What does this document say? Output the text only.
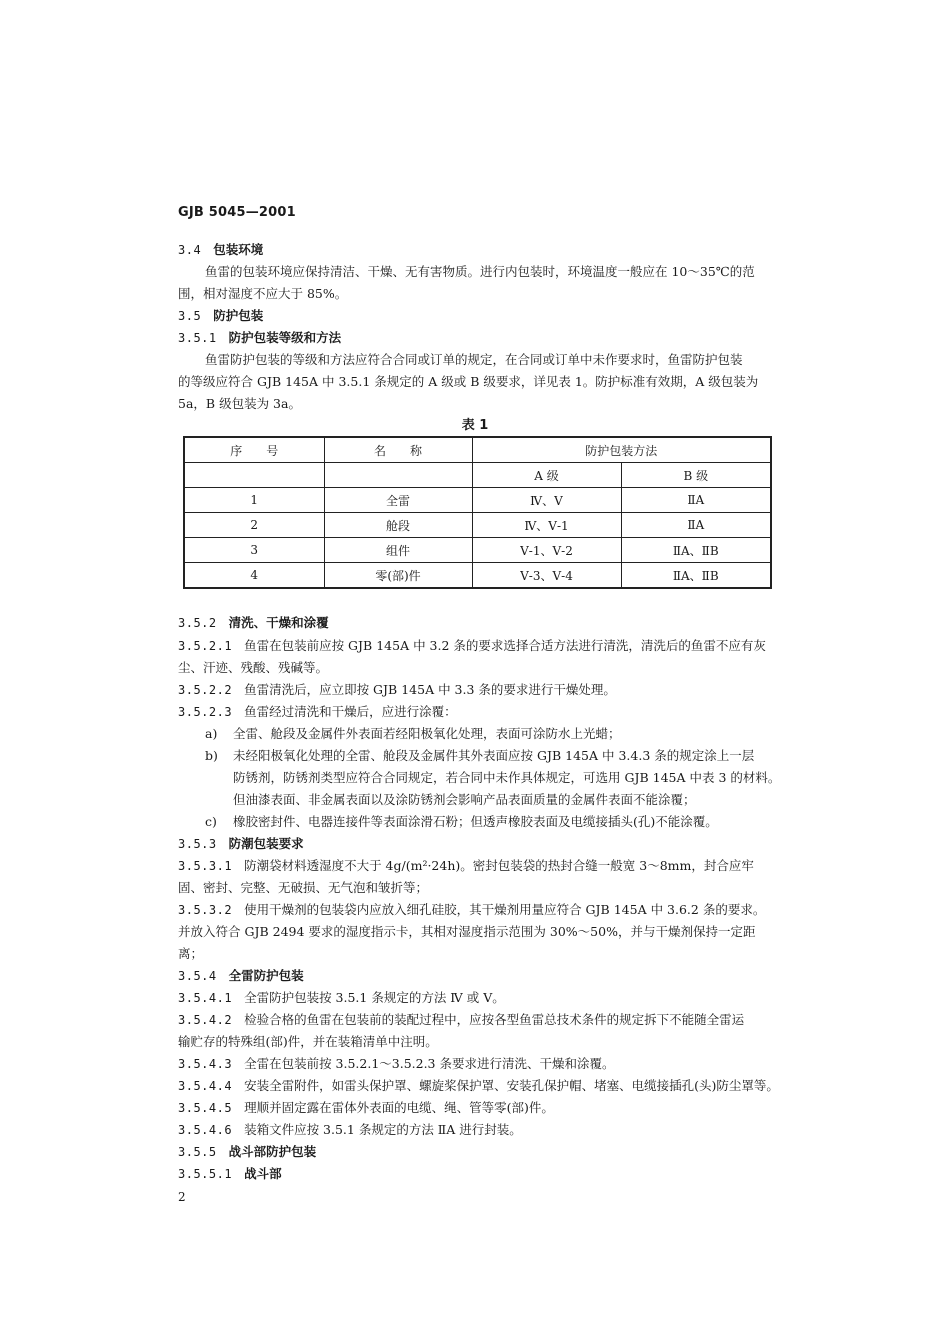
GJB 5045—2001
3.4 包装环境
鱼雷的包装环境应保持清洁、干燥、无有害物质。进行内包装时，环境温度一般应在 10～35℃的范
围，相对湿度不应大于 85%。
3.5 防护包装
3.5.1 防护包装等级和方法
鱼雷防护包装的等级和方法应符合合同或订单的规定，在合同或订单中未作要求时，鱼雷防护包装
的等级应符合 GJB 145A 中 3.5.1 条规定的 A 级或 B 级要求，详见表 1。防护标准有效期，A 级包装为
5a，B 级包装为 3a。
表 1
序　　号	名　　称	防护包装方法	
		A 级	B 级
1	全雷	Ⅳ、Ⅴ	ⅡA
2	舱段	Ⅳ、Ⅴ-1	ⅡA
3	组件	Ⅴ-1、Ⅴ-2	ⅡA、ⅡB
4	零(部)件	Ⅴ-3、Ⅴ-4	ⅡA、ⅡB
3.5.2 清洗、干燥和涂覆
3.5.2.1 鱼雷在包装前应按 GJB 145A 中 3.2 条的要求选择合适方法进行清洗，清洗后的鱼雷不应有灰
尘、汗迹、残酸、残碱等。
3.5.2.2 鱼雷清洗后，应立即按 GJB 145A 中 3.3 条的要求进行干燥处理。
3.5.2.3 鱼雷经过清洗和干燥后，应进行涂覆：
a) 全雷、舱段及金属件外表面若经阳极氧化处理，表面可涂防水上光蜡；
b) 未经阳极氧化处理的全雷、舱段及金属件其外表面应按 GJB 145A 中 3.4.3 条的规定涂上一层
防锈剂，防锈剂类型应符合合同规定，若合同中未作具体规定，可选用 GJB 145A 中表 3 的材料。
但油漆表面、非金属表面以及涂防锈剂会影响产品表面质量的金属件表面不能涂覆；
c) 橡胶密封件、电器连接件等表面涂滑石粉；但透声橡胶表面及电缆接插头(孔)不能涂覆。
3.5.3 防潮包装要求
3.5.3.1 防潮袋材料透湿度不大于 4g/(m²·24h)。密封包装袋的热封合缝一般宽 3～8mm，封合应牢
固、密封、完整、无破损、无气泡和皱折等；
3.5.3.2 使用干燥剂的包装袋内应放入细孔硅胶，其干燥剂用量应符合 GJB 145A 中 3.6.2 条的要求。
并放入符合 GJB 2494 要求的湿度指示卡，其相对湿度指示范围为 30%～50%，并与干燥剂保持一定距
离；
3.5.4 全雷防护包装
3.5.4.1 全雷防护包装按 3.5.1 条规定的方法 Ⅳ 或 Ⅴ。
3.5.4.2 检验合格的鱼雷在包装前的装配过程中，应按各型鱼雷总技术条件的规定拆下不能随全雷运
输贮存的特殊组(部)件，并在装箱清单中注明。
3.5.4.3 全雷在包装前按 3.5.2.1～3.5.2.3 条要求进行清洗、干燥和涂覆。
3.5.4.4 安装全雷附件，如雷头保护罩、螺旋桨保护罩、安装孔保护帽、堵塞、电缆接插孔(头)防尘罩等。
3.5.4.5 理顺并固定露在雷体外表面的电缆、绳、管等零(部)件。
3.5.4.6 装箱文件应按 3.5.1 条规定的方法 ⅡA 进行封装。
3.5.5 战斗部防护包装
3.5.5.1 战斗部
2
